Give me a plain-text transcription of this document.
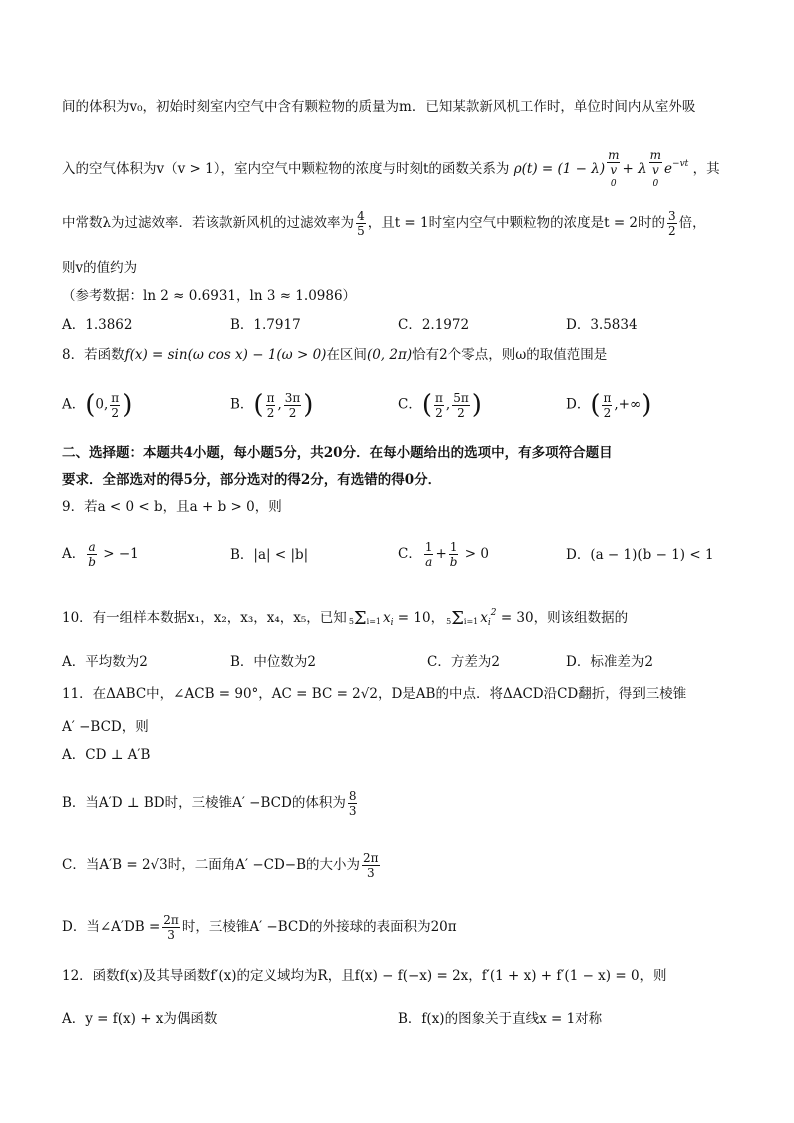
间的体积为v₀，初始时刻室内空气中含有颗粒物的质量为m．已知某款新风机工作时，单位时间内从室外吸
入的空气体积为v（v > 1），室内空气中颗粒物的浓度与时刻t的函数关系为 ρ(t) = (1 − λ) m
v
0 + λ m
v
0 $e^{-vt}$ ，其
中常数λ为过滤效率．若该款新风机的过滤效率为 $\frac{4}{5}$ ，且t = 1时室内空气中颗粒物的浓度是t = 2时的 $\frac{3}{2}$ 倍，
则v的值约为
（参考数据：ln 2 ≈ 0.6931，ln 3 ≈ 1.0986）
A．1.3862	B．1.7917	C．2.1972	D．3.5834
8．若函数f(x) = sin(ω cos x) − 1(ω > 0)在区间(0, 2π)恰有2个零点，则ω的取值范围是
A．(0, $\frac{\pi}{2}$ )	B．( $\frac{\pi}{2}$ , $\frac{3\pi}{2}$ )	C．( $\frac{\pi}{2}$ , $\frac{5\pi}{2}$ )	D．( $\frac{\pi}{2}$ ,+∞)
二、选择题：本题共4小题，每小题5分，共20分．在每小题给出的选项中，有多项符合题目
要求．全部选对的得5分，部分选对的得2分，有选错的得0分．
9．若a < 0 < b，且a + b > 0，则
A． $\frac{a}{b} > -1$	B．|a| < |b|	C． $\frac{1}{a} + \frac{1}{b} > 0$	D．(a − 1)(b − 1) < 1
10．有一组样本数据x₁，x₂，x₃，x₄，x₅，已知 5Σi=1 $x_i = 10$， 5Σi=1 $x_i^2 = 30$，则该组数据的
A．平均数为2	B．中位数为2	C．方差为2	D．标准差为2
11．在ΔABC中，∠ACB = 90°，AC = BC = 2√2，D是AB的中点．将ΔACD沿CD翻折，得到三棱锥
A′ −BCD，则
A．CD ⊥ A′B
B．当A′D ⊥ BD时，三棱锥A′ −BCD的体积为 $\frac{8}{3}$
C．当A′B = 2√3时，二面角A′ −CD−B的大小为 $\frac{2\pi}{3}$
D．当∠A′DB = $\frac{2\pi}{3}$ 时，三棱锥A′ −BCD的外接球的表面积为20π
12．函数f(x)及其导函数f′(x)的定义域均为R，且f(x) − f(−x) = 2x，f′(1 + x) + f′(1 − x) = 0，则
A．y = f(x) + x为偶函数	B．f(x)的图象关于直线x = 1对称
